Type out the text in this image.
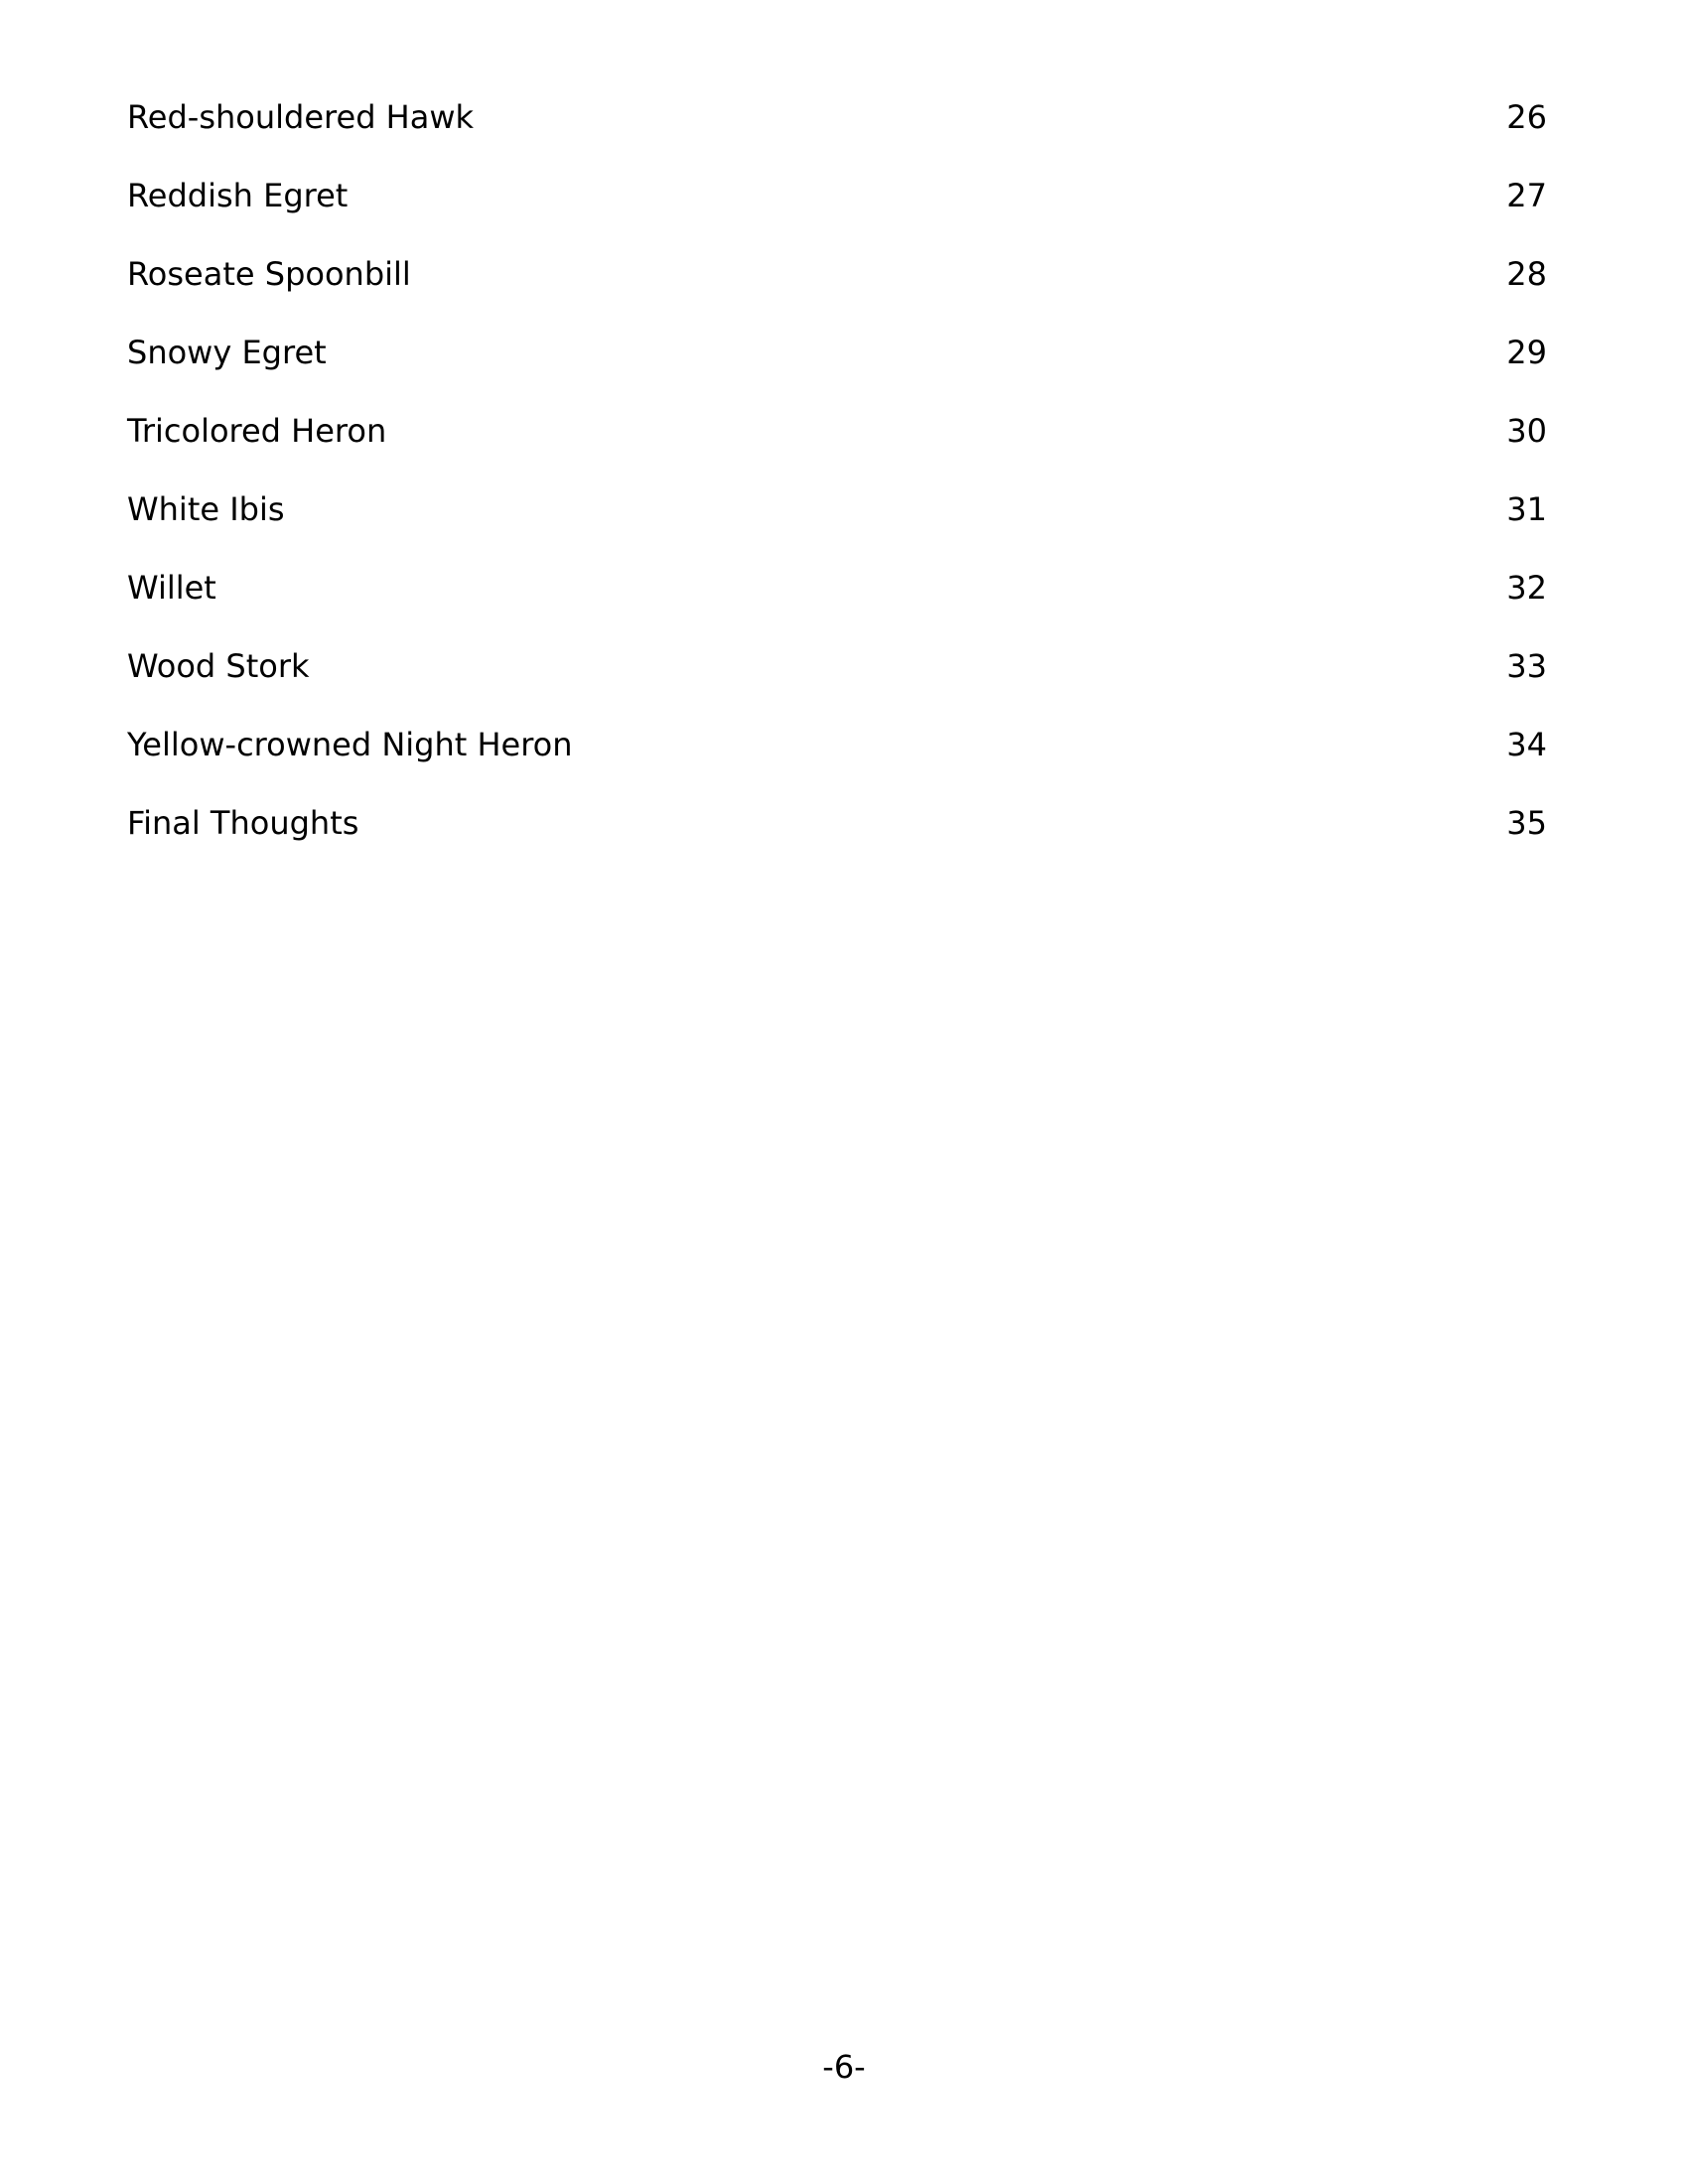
Red-shouldered Hawk	26
Reddish Egret	27
Roseate Spoonbill	28
Snowy Egret	29
Tricolored Heron	30
White Ibis	31
Willet	32
Wood Stork	33
Yellow-crowned Night Heron	34
Final Thoughts	35
-6-
